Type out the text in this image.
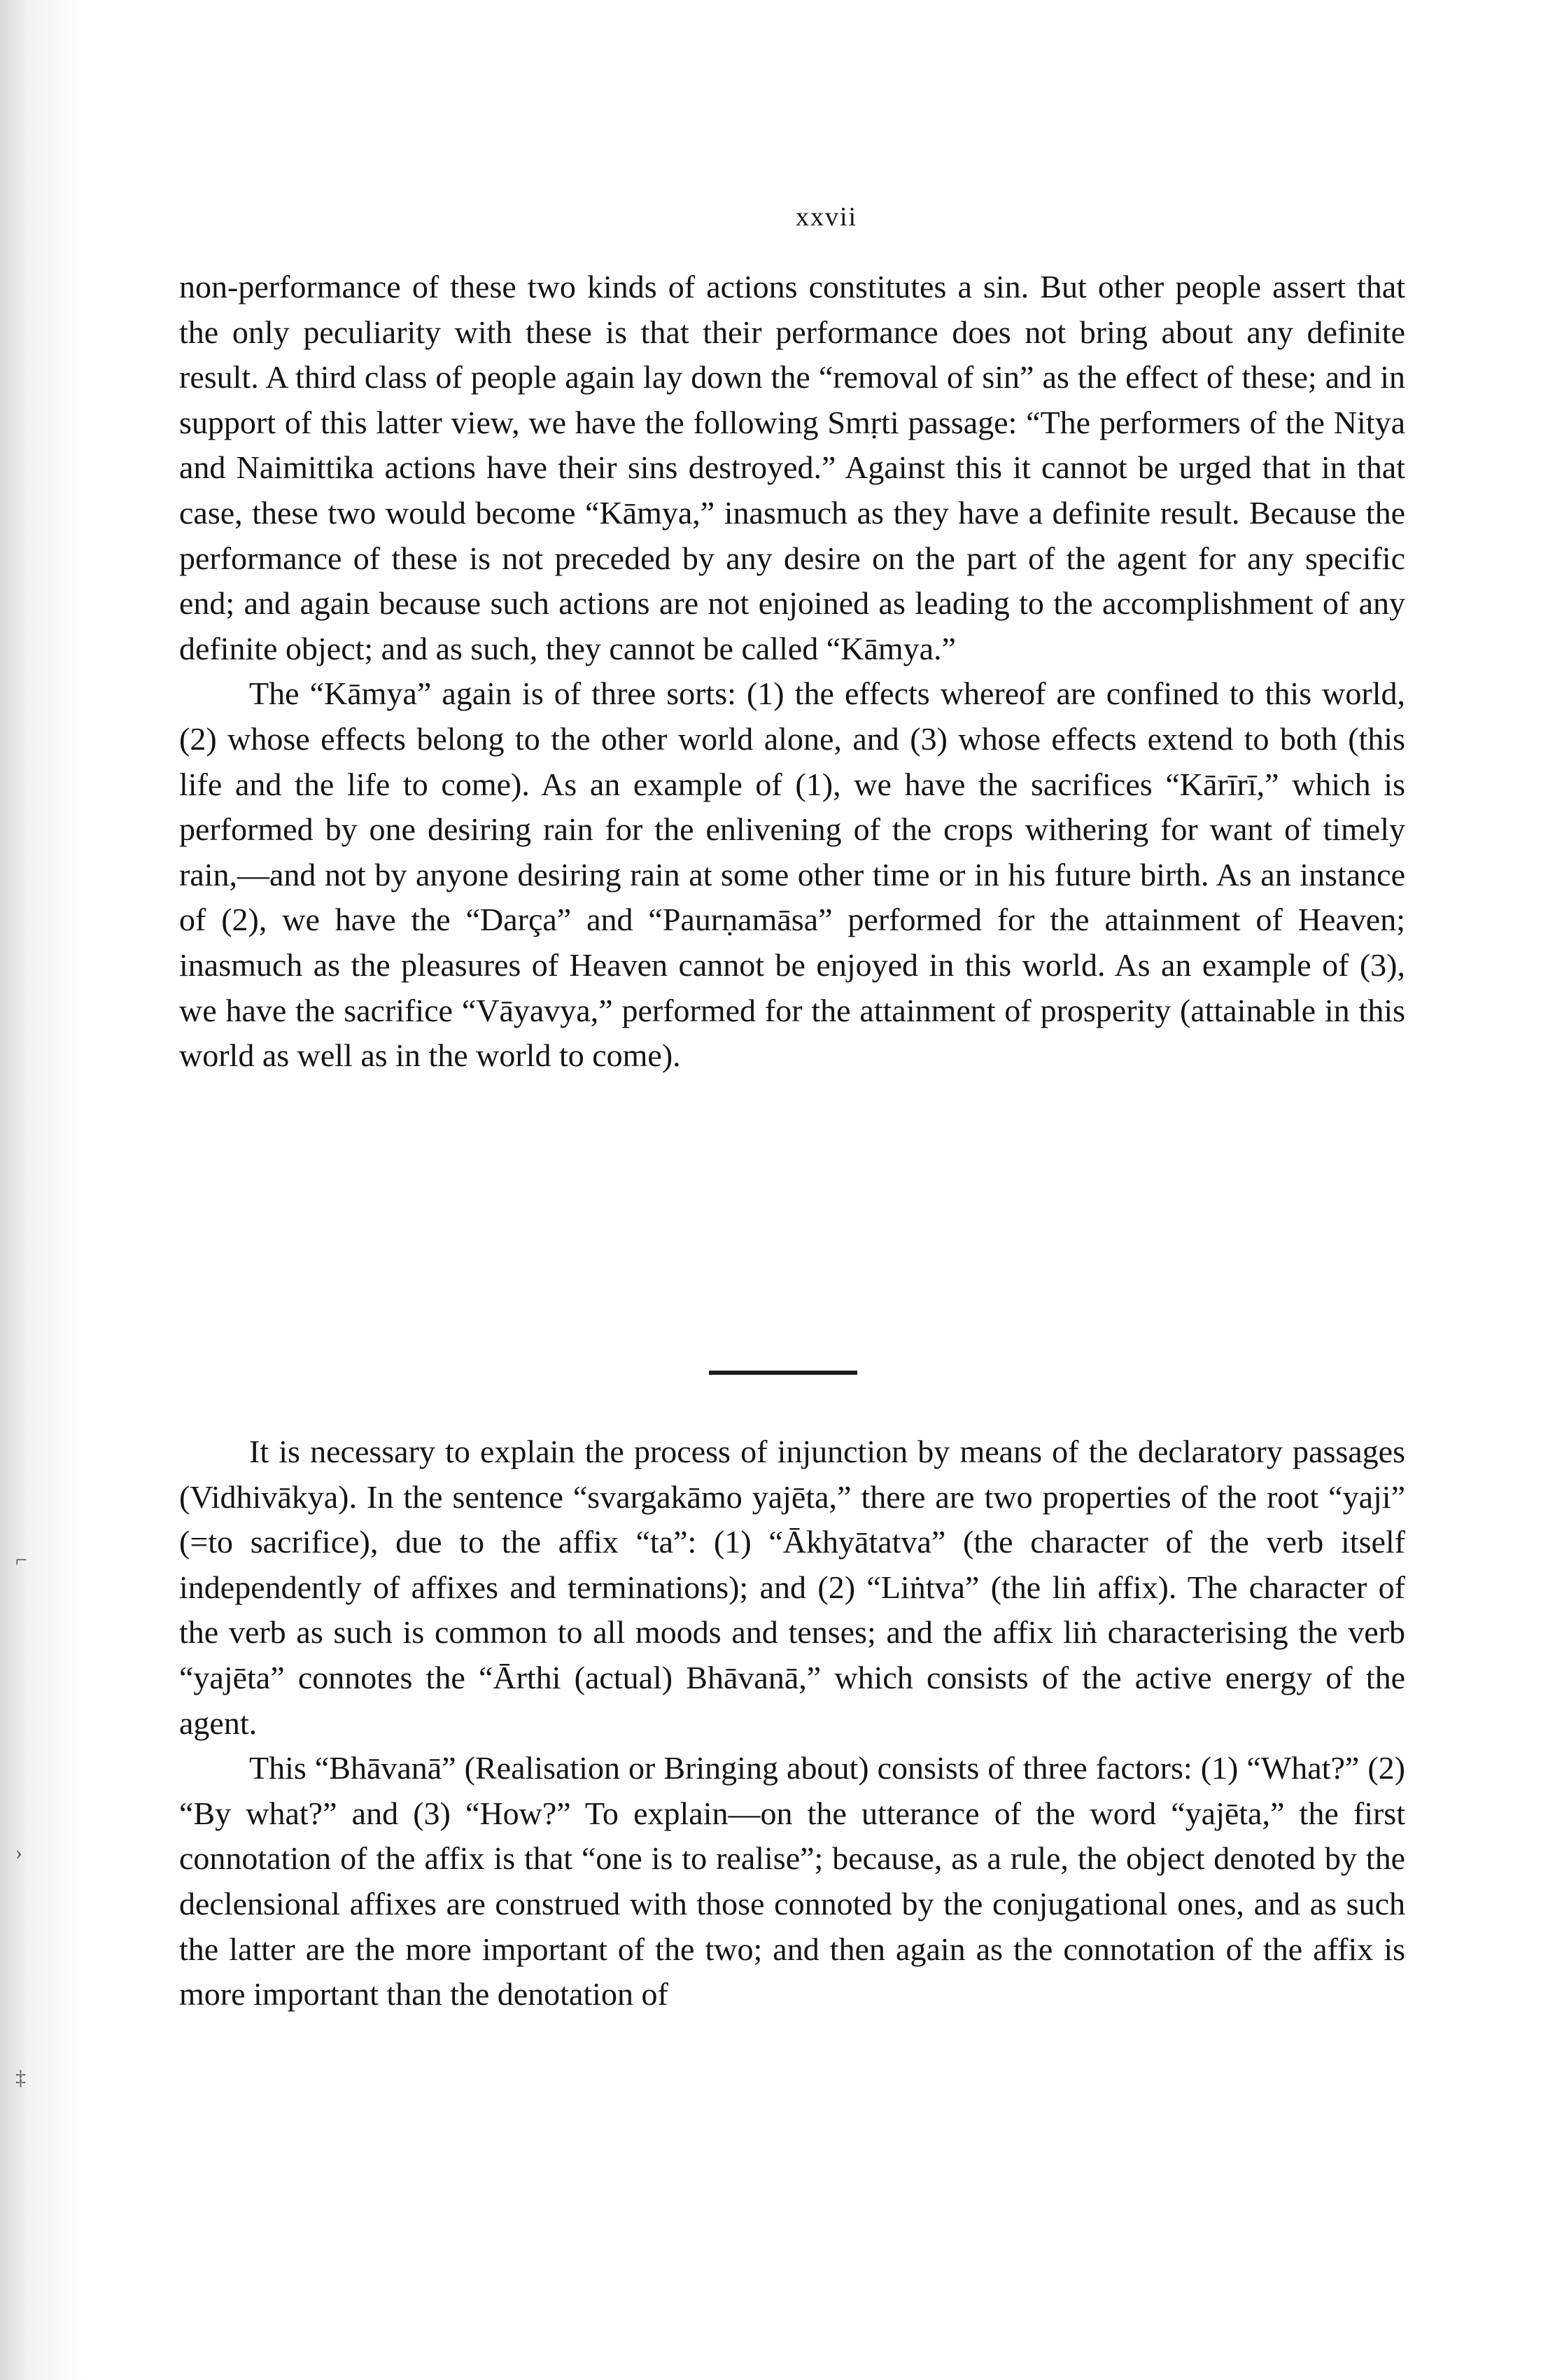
xxvii

non-performance of these two kinds of actions constitutes a sin. But other people assert that the only peculiarity with these is that their performance does not bring about any definite result. A third class of people again lay down the “removal of sin” as the effect of these; and in support of this latter view, we have the following Smṛti passage: “The performers of the Nitya and Naimittika actions have their sins destroyed.” Against this it cannot be urged that in that case, these two would become “Kāmya,” inasmuch as they have a definite result. Because the performance of these is not preceded by any desire on the part of the agent for any specific end; and again because such actions are not enjoined as leading to the accomplishment of any definite object; and as such, they cannot be called “Kāmya.”

The “Kāmya” again is of three sorts: (1) the effects whereof are confined to this world, (2) whose effects belong to the other world alone, and (3) whose effects extend to both (this life and the life to come). As an example of (1), we have the sacrifices “Kārīrī,” which is performed by one desiring rain for the enlivening of the crops withering for want of timely rain,—and not by anyone desiring rain at some other time or in his future birth. As an instance of (2), we have the “Darça” and “Paurṇamāsa” performed for the attainment of Heaven; inasmuch as the pleasures of Heaven cannot be enjoyed in this world. As an example of (3), we have the sacrifice “Vāyavya,” performed for the attainment of prosperity (attainable in this world as well as in the world to come).

It is necessary to explain the process of injunction by means of the declaratory passages (Vidhivākya). In the sentence “svargakāmo yajēta,” there are two properties of the root “yaji” (=to sacrifice), due to the affix “ta”: (1) “Ākhyātatva” (the character of the verb itself independently of affixes and terminations); and (2) “Liṅtva” (the liṅ affix). The character of the verb as such is common to all moods and tenses; and the affix liṅ characterising the verb “yajēta” connotes the “Ārthi (actual) Bhāvanā,” which consists of the active energy of the agent.

This “Bhāvanā” (Realisation or Bringing about) consists of three factors: (1) “What?” (2) “By what?” and (3) “How?” To explain—on the utterance of the word “yajēta,” the first connotation of the affix is that “one is to realise”; because, as a rule, the object denoted by the declensional affixes are construed with those connoted by the conjugational ones, and as such the latter are the more important of the two; and then again as the connotation of the affix is more important than the denotation of

⌐
›
‡
